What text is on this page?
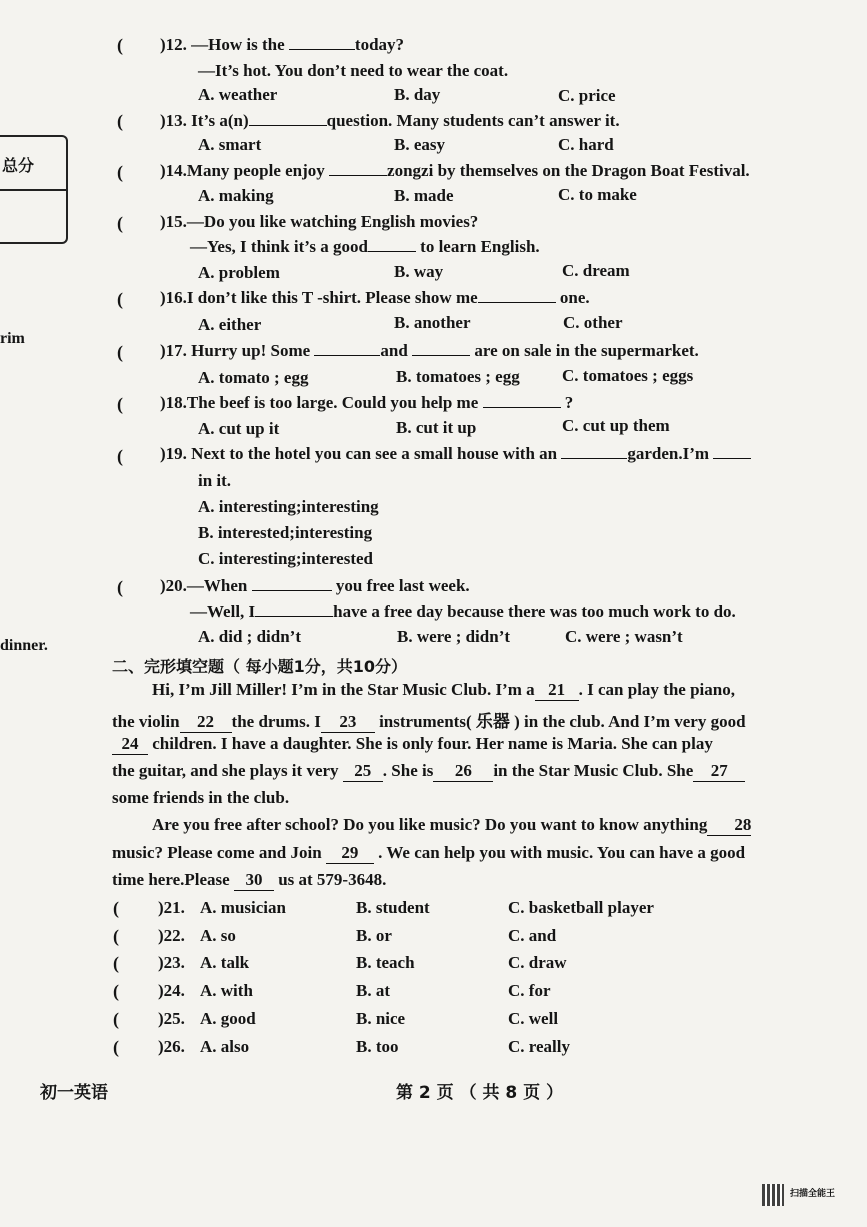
总分
rim
dinner.
( )12. —How is the	today?
—It’s hot. You don’t need to wear the coat.
A. weather	B. day	C. price
( )13. It’s a(n)	question. Many students can’t answer it.
A. smart	B. easy	C. hard
( )14.Many people enjoy	zongzi by themselves on the Dragon Boat Festival.
A. making	B. made	C. to make
( )15.—Do you like watching English movies?
—Yes, I think it’s a good	to learn English.
A. problem	B. way	C. dream
( )16.I don’t like this T -shirt. Please show me	one.
A. either	B. another	C. other
( )17. Hurry up! Some	and	are on sale in the supermarket.
A. tomato ; egg	B. tomatoes ; egg C. tomatoes ; eggs
( )18.The beef is too large. Could you help me	?
A. cut up it	B. cut it up	C. cut up them
( )19. Next to the hotel you can see a small house with an	garden.I’m
in it.
A. interesting;interesting
B. interested;interesting
C. interesting;interested
( )20.—When	you free last week.
—Well, I	have a free day because there was too much work to do.
A. did ; didn’t	B. were ; didn’t	C. were ; wasn’t
二、完形填空题（ 每小题1分，共10分）
Hi, I’m Jill Miller! I’m in the Star Music Club. I’m a 21 . I can play the piano,
the violin 22 the drums. I 23 instruments( 乐器 ) in the club. And I’m very good
24 children. I have a daughter. She is only four. Her name is Maria. She can play
the guitar, and she plays it very 25 . She is 26 in the Star Music Club. She 27
some friends in the club.
Are you free after school? Do you like music? Do you want to know anything 28
music? Please come and Join 29 . We can help you with music. You can have a good
time here.Please 30 us at 579-3648.
( )21. A. musician	B. student	C. basketball player
( )22. A. so	B. or	C. and
( )23. A. talk	B. teach	C. draw
( )24. A. with	B. at	C. for
( )25. A. good	B. nice	C. well
( )26. A. also	B. too	C. really
初一英语	第 2 页 （ 共 8 页 ）
扫描全能王
